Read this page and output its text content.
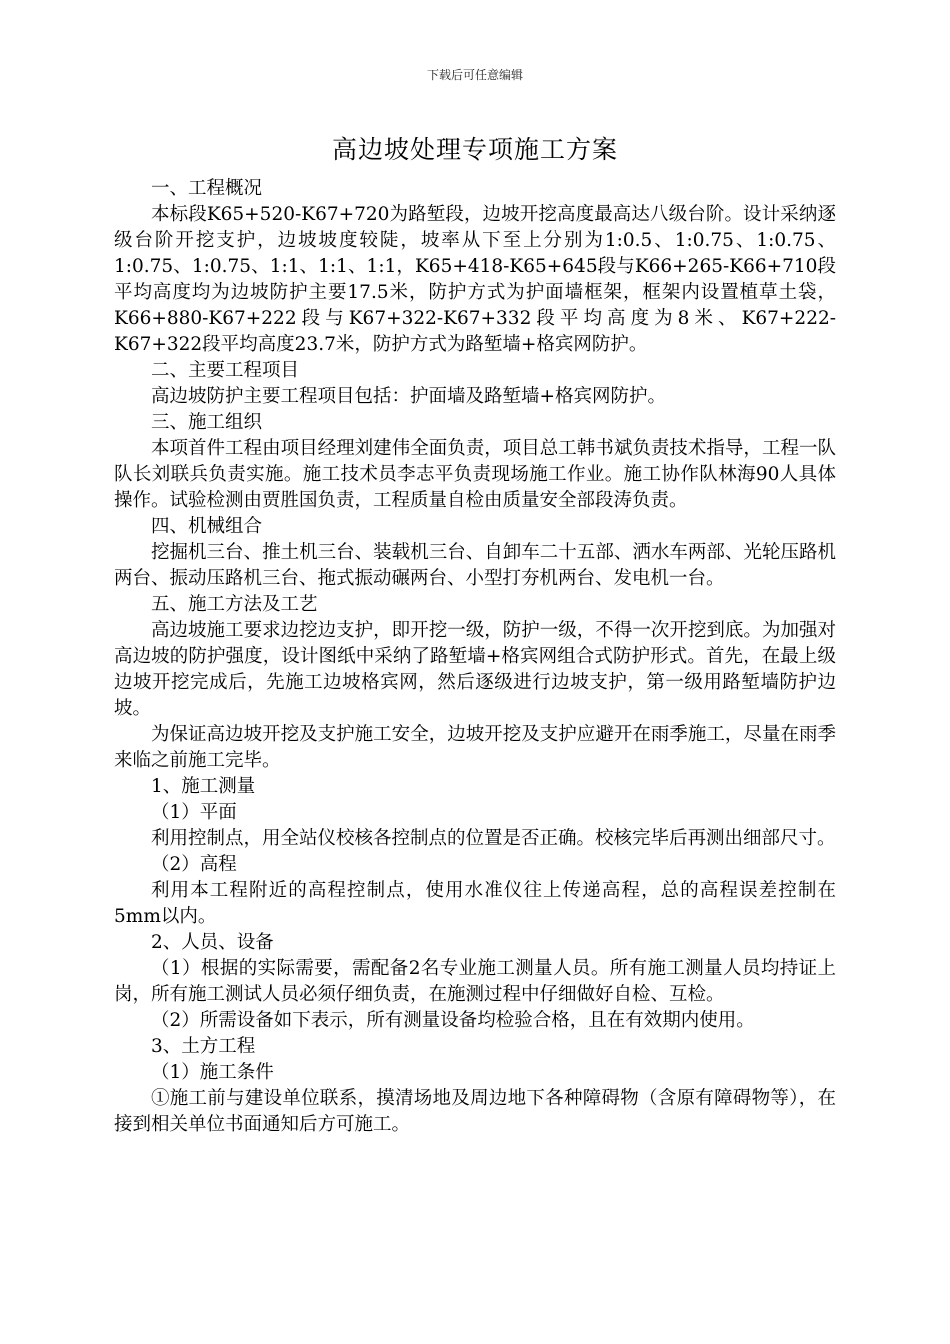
下载后可任意编辑
高边坡处理专项施工方案

一、工程概况

本标段K65+520-K67+720为路堑段，边坡开挖高度最高达八级台阶。设计采纳逐级台阶开挖支护，边坡坡度较陡，坡率从下至上分别为1:0.5、1:0.75、1:0.75、1:0.75、1:0.75、1:1、1:1、1:1，K65+418-K65+645段与K66+265-K66+710段平均高度均为边坡防护主要17.5米，防护方式为护面墙框架，框架内设置植草土袋，K66+880-K67+222段与K67+322-K67+332段平均高度为8米、K67+222-K67+322段平均高度23.7米，防护方式为路堑墙+格宾网防护。

二、主要工程项目

高边坡防护主要工程项目包括：护面墙及路堑墙+格宾网防护。

三、施工组织

本项首件工程由项目经理刘建伟全面负责，项目总工韩书斌负责技术指导，工程一队队长刘联兵负责实施。施工技术员李志平负责现场施工作业。施工协作队林海90人具体操作。试验检测由贾胜国负责，工程质量自检由质量安全部段涛负责。

四、机械组合

挖掘机三台、推土机三台、装载机三台、自卸车二十五部、洒水车两部、光轮压路机两台、振动压路机三台、拖式振动碾两台、小型打夯机两台、发电机一台。

五、施工方法及工艺

高边坡施工要求边挖边支护，即开挖一级，防护一级，不得一次开挖到底。为加强对高边坡的防护强度，设计图纸中采纳了路堑墙+格宾网组合式防护形式。首先，在最上级边坡开挖完成后，先施工边坡格宾网，然后逐级进行边坡支护，第一级用路堑墙防护边坡。

为保证高边坡开挖及支护施工安全，边坡开挖及支护应避开在雨季施工，尽量在雨季来临之前施工完毕。

1、施工测量

（1）平面

利用控制点，用全站仪校核各控制点的位置是否正确。校核完毕后再测出细部尺寸。

（2）高程

利用本工程附近的高程控制点，使用水准仪往上传递高程，总的高程误差控制在5mm以内。

2、人员、设备

（1）根据的实际需要，需配备2名专业施工测量人员。所有施工测量人员均持证上岗，所有施工测试人员必须仔细负责，在施测过程中仔细做好自检、互检。

（2）所需设备如下表示，所有测量设备均检验合格，且在有效期内使用。

3、土方工程

（1）施工条件

①施工前与建设单位联系，摸清场地及周边地下各种障碍物（含原有障碍物等），在接到相关单位书面通知后方可施工。
